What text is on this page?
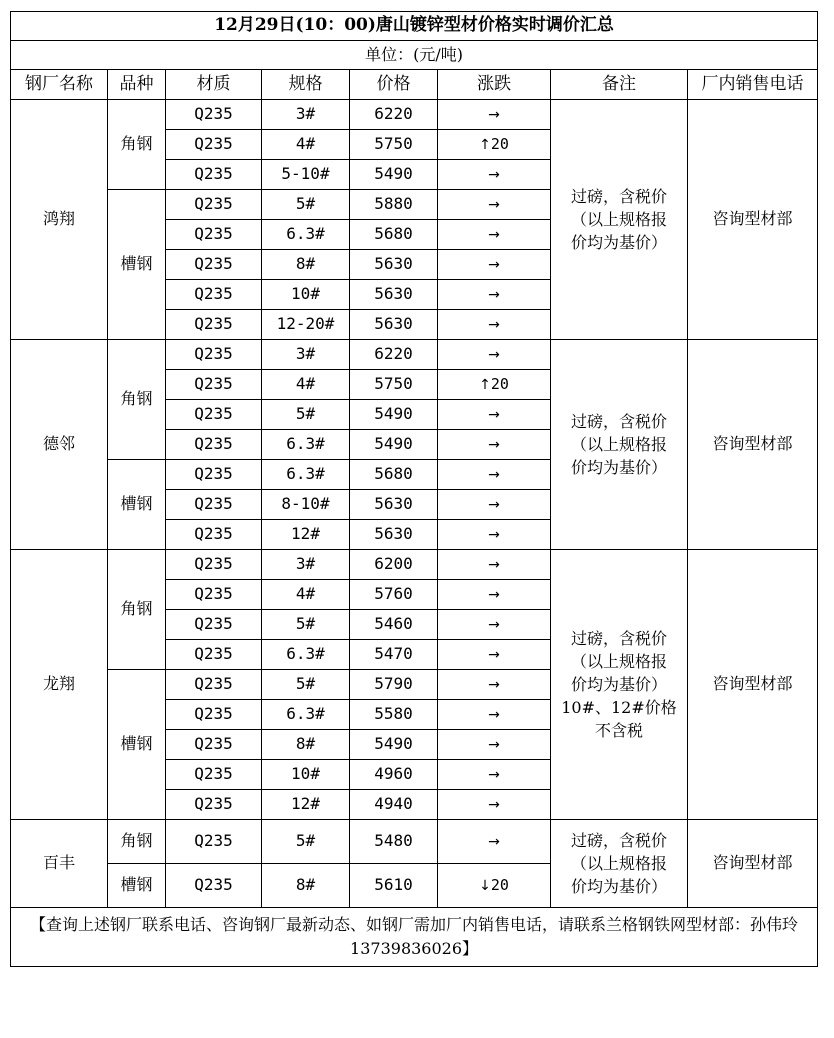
12月29日(10：00)唐山镀锌型材价格实时调价汇总							
单位：(元/吨)							
钢厂名称	品种	材质	规格	价格	涨跌	备注	厂内销售电话
鸿翔	角钢	Q235	3#	6220	→	过磅，含税价
（以上规格报
价均为基价）	咨询型材部
		Q235	4#	5750	↑20		
		Q235	5-10#	5490	→		
	槽钢	Q235	5#	5880	→		
		Q235	6.3#	5680	→		
		Q235	8#	5630	→		
		Q235	10#	5630	→		
		Q235	12-20#	5630	→		
德邻	角钢	Q235	3#	6220	→	过磅，含税价
（以上规格报
价均为基价）	咨询型材部
		Q235	4#	5750	↑20		
		Q235	5#	5490	→		
		Q235	6.3#	5490	→		
	槽钢	Q235	6.3#	5680	→		
		Q235	8-10#	5630	→		
		Q235	12#	5630	→		
龙翔	角钢	Q235	3#	6200	→	过磅，含税价
（以上规格报
价均为基价）
10#、12#价格
不含税	咨询型材部
		Q235	4#	5760	→		
		Q235	5#	5460	→		
		Q235	6.3#	5470	→		
	槽钢	Q235	5#	5790	→		
		Q235	6.3#	5580	→		
		Q235	8#	5490	→		
		Q235	10#	4960	→		
		Q235	12#	4940	→		
百丰	角钢	Q235	5#	5480	→	过磅，含税价
（以上规格报
价均为基价）	咨询型材部
	槽钢	Q235	8#	5610	↓20		
【查询上述钢厂联系电话、咨询钢厂最新动态、如钢厂需加厂内销售电话，请联系兰格钢铁网型材部：孙伟玲13739836026】							
